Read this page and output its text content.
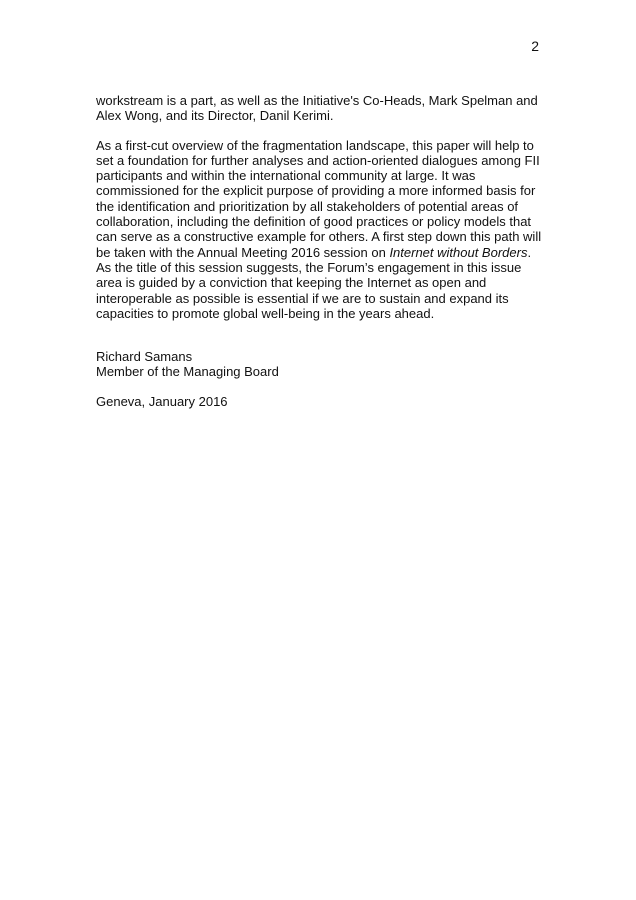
2

workstream is a part, as well as the Initiative's Co-Heads, Mark Spelman and
Alex Wong, and its Director, Danil Kerimi.

As a first-cut overview of the fragmentation landscape, this paper will help to
set a foundation for further analyses and action-oriented dialogues among FII
participants and within the international community at large. It was
commissioned for the explicit purpose of providing a more informed basis for
the identification and prioritization by all stakeholders of potential areas of
collaboration, including the definition of good practices or policy models that
can serve as a constructive example for others. A first step down this path will
be taken with the Annual Meeting 2016 session on Internet without Borders.
As the title of this session suggests, the Forum’s engagement in this issue
area is guided by a conviction that keeping the Internet as open and
interoperable as possible is essential if we are to sustain and expand its
capacities to promote global well-being in the years ahead.

Richard Samans
Member of the Managing Board

Geneva, January 2016
